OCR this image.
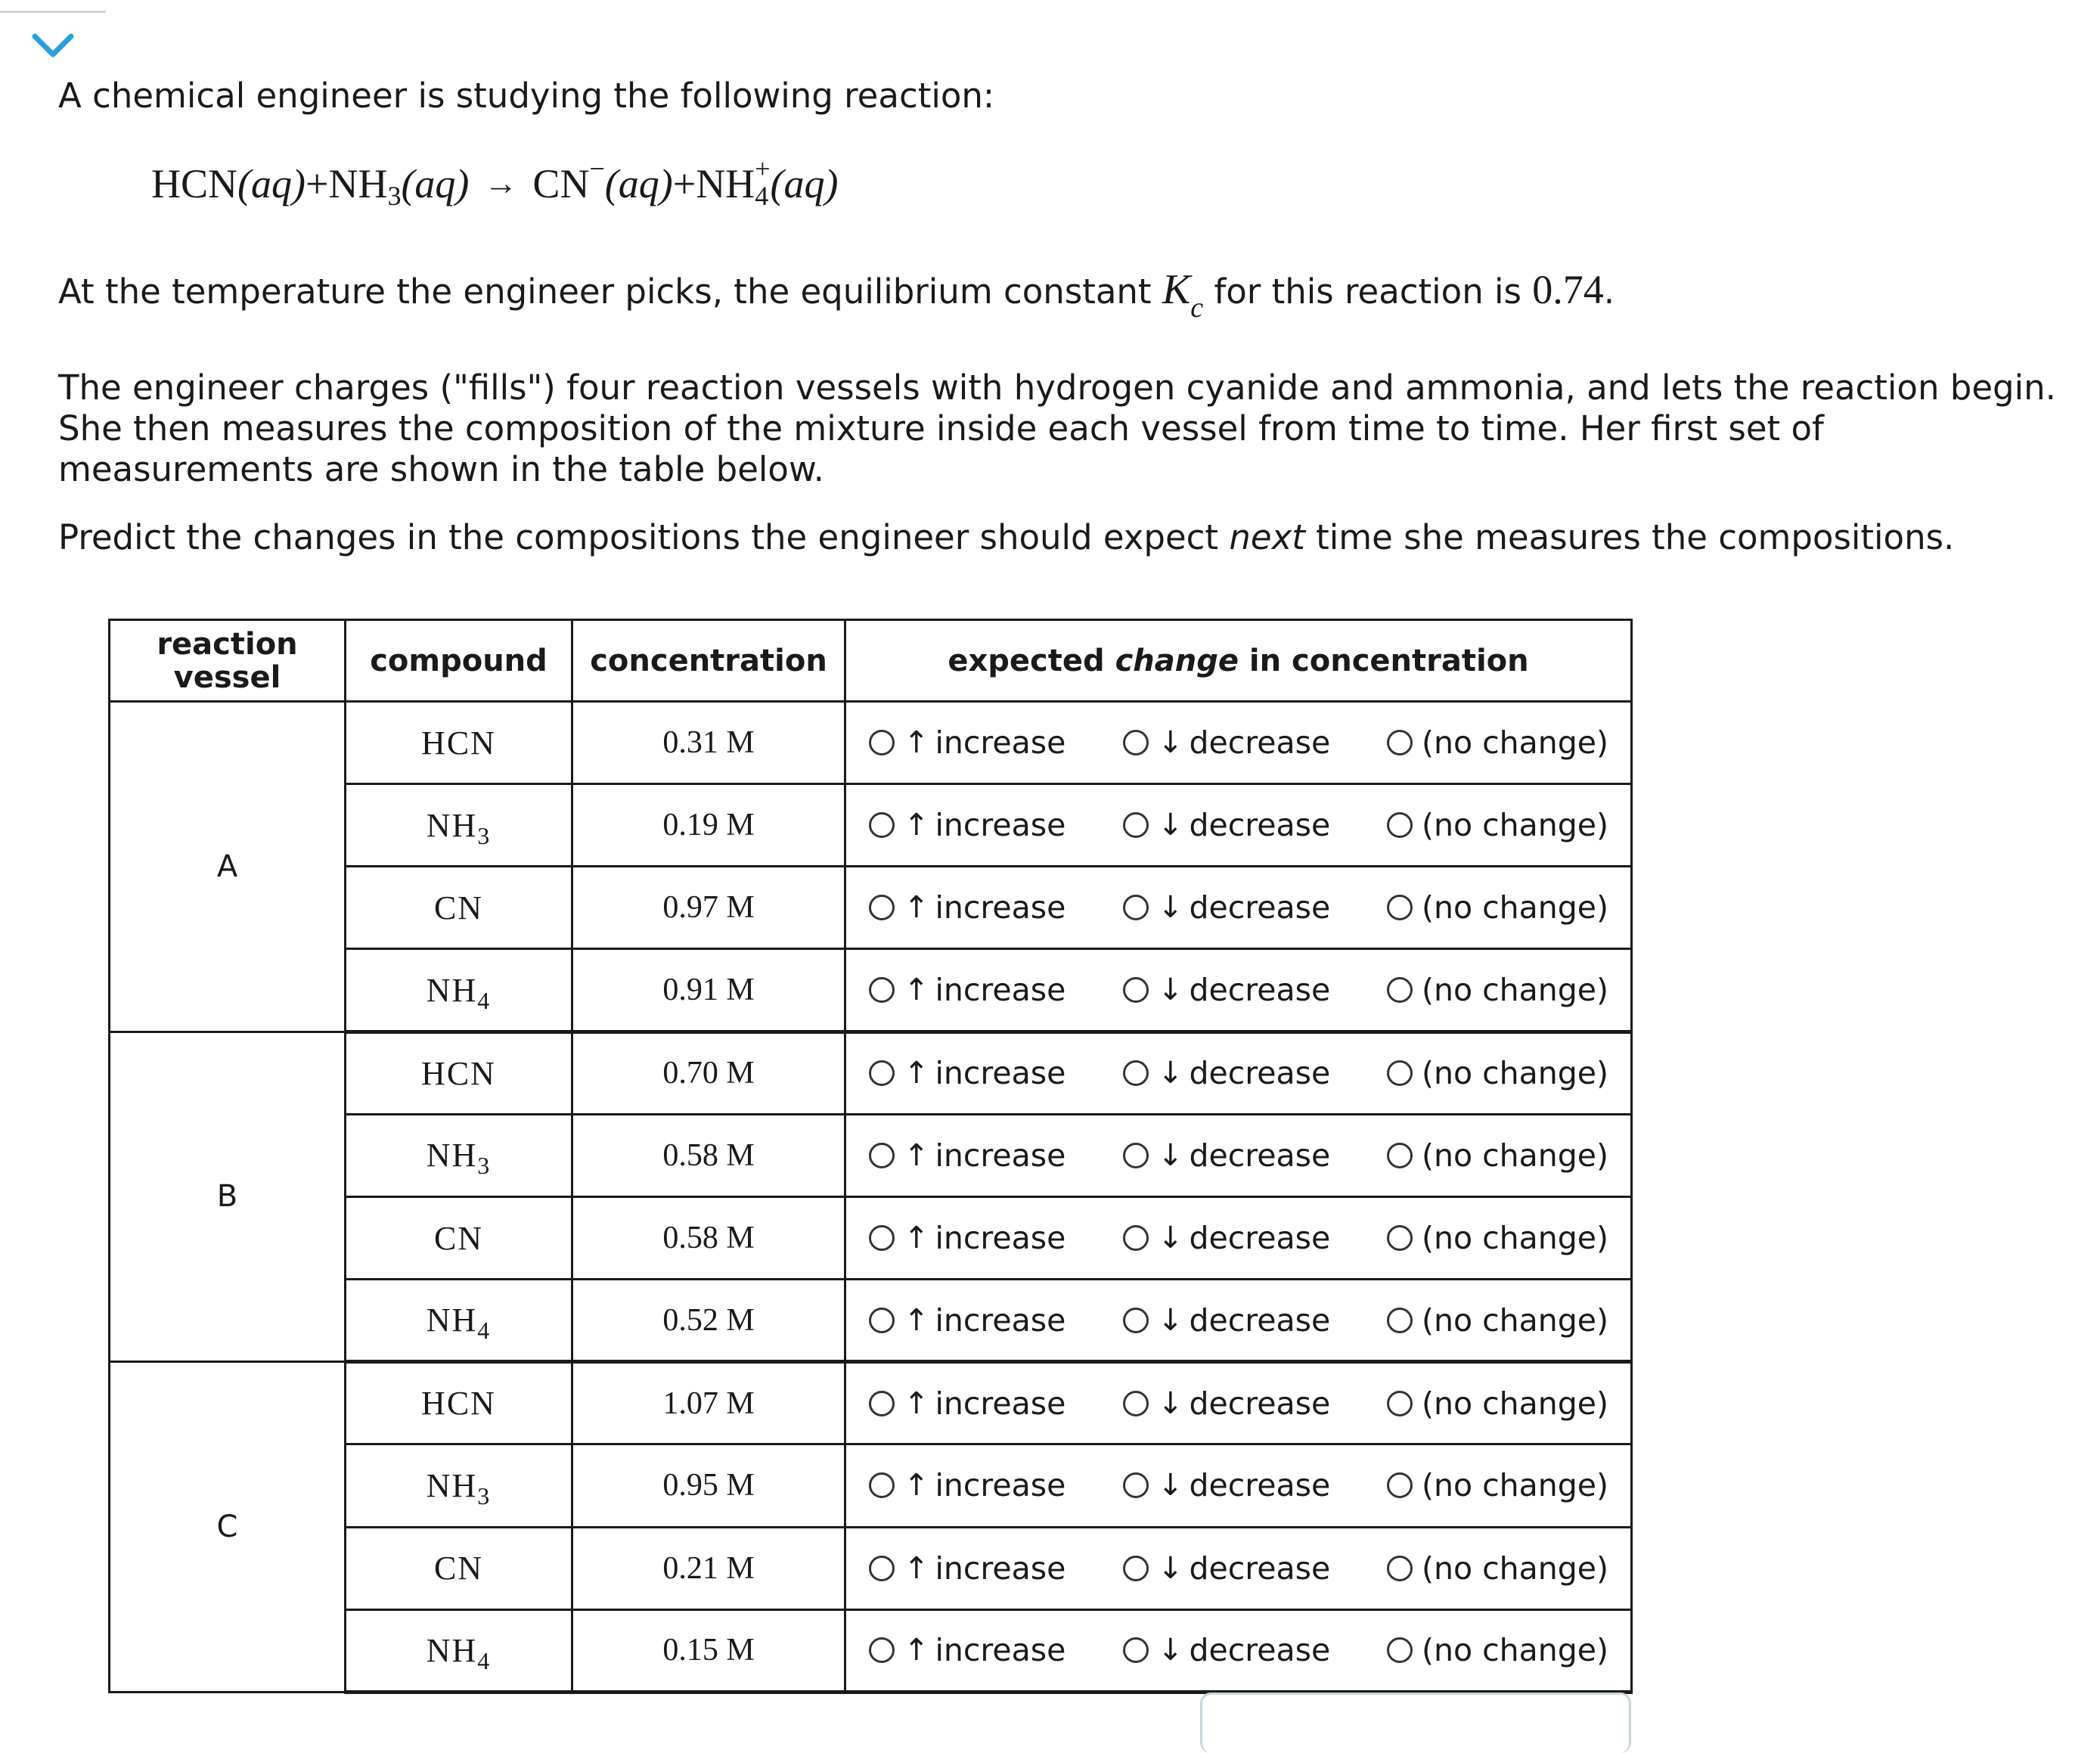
A chemical engineer is studying the following reaction:

$HCN(aq)+NH_3(aq) \to CN^-(aq)+NH_4^+(aq)$

At the temperature the engineer picks, the equilibrium constant $K_c$ for this reaction is 0.74.

The engineer charges ("fills") four reaction vessels with hydrogen cyanide and ammonia, and lets the reaction begin. She then measures the composition of the mixture inside each vessel from time to time. Her first set of measurements are shown in the table below.

Predict the changes in the compositions the engineer should expect next time she measures the compositions.

reaction
vessel	compound	concentration	expected change in concentration
A	HCN	0.31 M	↑ increase ↓ decrease (no change)

	$NH_3$	0.19 M	↑ increase ↓ decrease (no change)

	CN	0.97 M	↑ increase ↓ decrease (no change)

	$NH_4$	0.91 M	↑ increase ↓ decrease (no change)

B	HCN	0.70 M	↑ increase ↓ decrease (no change)

	$NH_3$	0.58 M	↑ increase ↓ decrease (no change)

	CN	0.58 M	↑ increase ↓ decrease (no change)

	$NH_4$	0.52 M	↑ increase ↓ decrease (no change)

C	HCN	1.07 M	↑ increase ↓ decrease (no change)

	$NH_3$	0.95 M	↑ increase ↓ decrease (no change)

	CN	0.21 M	↑ increase ↓ decrease (no change)

	$NH_4$	0.15 M	↑ increase ↓ decrease (no change)
